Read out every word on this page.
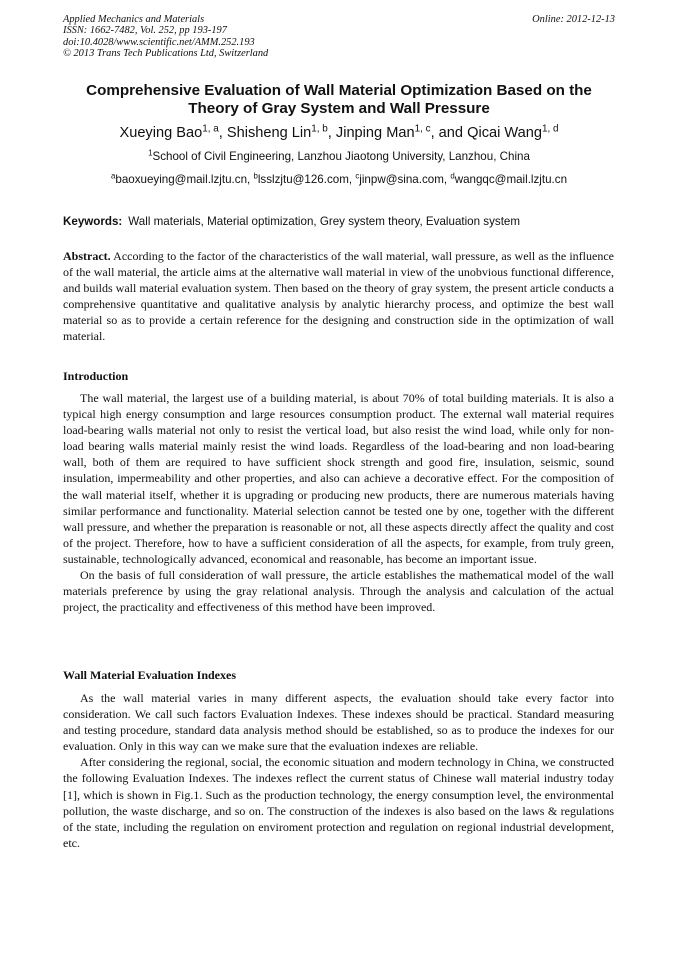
Applied Mechanics and Materials
ISSN: 1662-7482, Vol. 252, pp 193-197
doi:10.4028/www.scientific.net/AMM.252.193
© 2013 Trans Tech Publications Ltd, Switzerland
Online: 2012-12-13
Comprehensive Evaluation of Wall Material Optimization Based on the
Theory of Gray System and Wall Pressure
Xueying Bao$^{1, a}$, Shisheng Lin$^{1, b}$, Jinping Man$^{1, c}$, and Qicai Wang$^{1, d}$
$^1$School of Civil Engineering, Lanzhou Jiaotong University, Lanzhou, China
$^a$baoxueying@mail.lzjtu.cn, $^b$lsslzjtu@126.com, $^c$jinpw@sina.com, $^d$wangqc@mail.lzjtu.cn
Keywords: Wall materials, Material optimization, Grey system theory, Evaluation system

Abstract. According to the factor of the characteristics of the wall material, wall pressure, as well as the influence of the wall material, the article aims at the alternative wall material in view of the unobvious functional difference, and builds wall material evaluation system. Then based on the theory of gray system, the present article conducts a comprehensive quantitative and qualitative analysis by analytic hierarchy process, and optimize the best wall material so as to provide a certain reference for the designing and construction side in the optimization of wall material.

Introduction

The wall material, the largest use of a building material, is about 70% of total building materials. It is also a typical high energy consumption and large resources consumption product. The external wall material requires load-bearing walls material not only to resist the vertical load, but also resist the wind load, while only for non- load bearing walls material mainly resist the wind loads. Regardless of the load-bearing and non load-bearing wall, both of them are required to have sufficient shock strength and good fire, insulation, seismic, sound insulation, impermeability and other properties, and also can achieve a decorative effect. For the composition of the wall material itself, whether it is upgrading or producing new products, there are numerous materials having similar performance and functionality. Material selection cannot be tested one by one, together with the different wall pressure, and whether the preparation is reasonable or not, all these aspects directly affect the quality and cost of the project. Therefore, how to have a sufficient consideration of all the aspects, for example, from truly green, sustainable, technologically advanced, economical and reasonable, has become an important issue.

On the basis of full consideration of wall pressure, the article establishes the mathematical model of the wall materials preference by using the gray relational analysis. Through the analysis and calculation of the actual project, the practicality and effectiveness of this method have been improved.

Wall Material Evaluation Indexes

As the wall material varies in many different aspects, the evaluation should take every factor into consideration. We call such factors Evaluation Indexes. These indexes should be practical. Standard measuring and testing procedure, standard data analysis method should be established, so as to produce the indexes for our evaluation. Only in this way can we make sure that the evaluation indexes are reliable.

After considering the regional, social, the economic situation and modern technology in China, we constructed the following Evaluation Indexes. The indexes reflect the current status of Chinese wall material industry today [1], which is shown in Fig.1. Such as the production technology, the energy consumption level, the environmental pollution, the waste discharge, and so on. The construction of the indexes is also based on the laws & regulations of the state, including the regulation on enviroment protection and regulation on regional industrial development, etc.
